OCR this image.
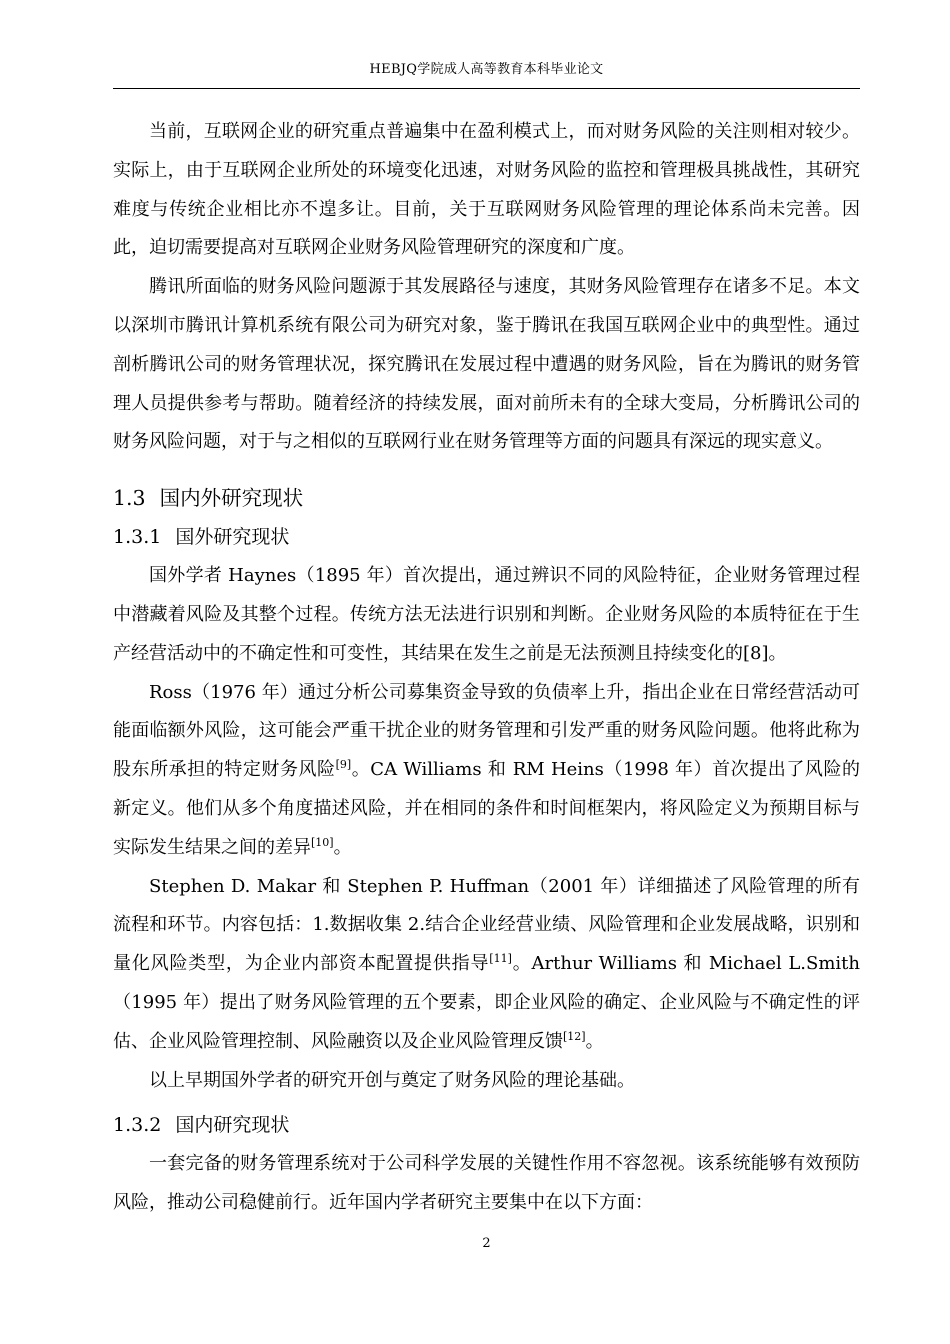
HEBJQ学院成人高等教育本科毕业论文

当前，互联网企业的研究重点普遍集中在盈利模式上，而对财务风险的关注则相对较少。实际上，由于互联网企业所处的环境变化迅速，对财务风险的监控和管理极具挑战性，其研究难度与传统企业相比亦不遑多让。目前，关于互联网财务风险管理的理论体系尚未完善。因此，迫切需要提高对互联网企业财务风险管理研究的深度和广度。

腾讯所面临的财务风险问题源于其发展路径与速度，其财务风险管理存在诸多不足。本文以深圳市腾讯计算机系统有限公司为研究对象，鉴于腾讯在我国互联网企业中的典型性。通过剖析腾讯公司的财务管理状况，探究腾讯在发展过程中遭遇的财务风险，旨在为腾讯的财务管理人员提供参考与帮助。随着经济的持续发展，面对前所未有的全球大变局，分析腾讯公司的财务风险问题，对于与之相似的互联网行业在财务管理等方面的问题具有深远的现实意义。

1.3 国内外研究现状
1.3.1 国外研究现状

国外学者 Haynes（1895 年）首次提出，通过辨识不同的风险特征，企业财务管理过程中潜藏着风险及其整个过程。传统方法无法进行识别和判断。企业财务风险的本质特征在于生产经营活动中的不确定性和可变性，其结果在发生之前是无法预测且持续变化的[8]。

Ross（1976 年）通过分析公司募集资金导致的负债率上升，指出企业在日常经营活动可能面临额外风险，这可能会严重干扰企业的财务管理和引发严重的财务风险问题。他将此称为股东所承担的特定财务风险[9]。CA Williams 和 RM Heins（1998 年）首次提出了风险的新定义。他们从多个角度描述风险，并在相同的条件和时间框架内，将风险定义为预期目标与实际发生结果之间的差异[10]。

Stephen D. Makar 和 Stephen P. Huffman（2001 年）详细描述了风险管理的所有流程和环节。内容包括：1.数据收集 2.结合企业经营业绩、风险管理和企业发展战略，识别和量化风险类型，为企业内部资本配置提供指导[11]。Arthur Williams 和 Michael L.Smith（1995 年）提出了财务风险管理的五个要素，即企业风险的确定、企业风险与不确定性的评估、企业风险管理控制、风险融资以及企业风险管理反馈[12]。

以上早期国外学者的研究开创与奠定了财务风险的理论基础。

1.3.2 国内研究现状

一套完备的财务管理系统对于公司科学发展的关键性作用不容忽视。该系统能够有效预防风险，推动公司稳健前行。近年国内学者研究主要集中在以下方面：

2
